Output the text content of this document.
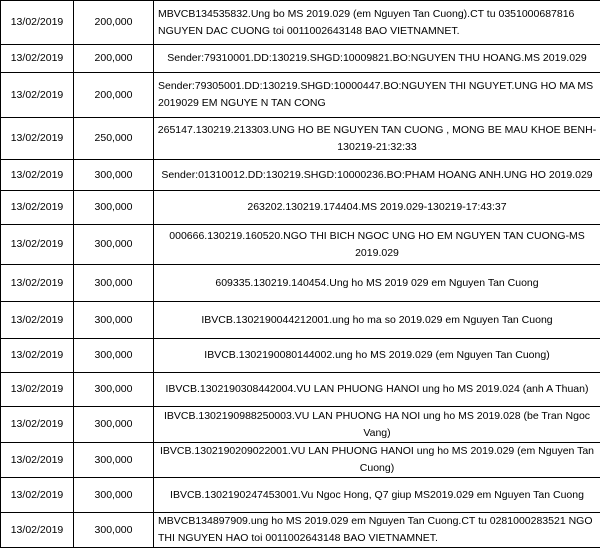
13/02/2019	200,000	MBVCB134535832.Ung bo MS 2019.029 (em Nguyen Tan Cuong).CT tu 0351000687816 NGUYEN DAC CUONG toi 0011002643148 BAO VIETNAMNET.
13/02/2019	200,000	Sender:79310001.DD:130219.SHGD:10009821.BO:NGUYEN THU HOANG.MS 2019.029
13/02/2019	200,000	Sender:79305001.DD:130219.SHGD:10000447.BO:NGUYEN THI NGUYET.UNG HO MA MS 2019029 EM NGUYE N TAN CONG
13/02/2019	250,000	265147.130219.213303.UNG HO BE NGUYEN TAN CUONG , MONG BE MAU KHOE BENH-130219-21:32:33
13/02/2019	300,000	Sender:01310012.DD:130219.SHGD:10000236.BO:PHAM HOANG ANH.UNG HO 2019.029
13/02/2019	300,000	263202.130219.174404.MS 2019.029-130219-17:43:37
13/02/2019	300,000	000666.130219.160520.NGO THI BICH NGOC UNG HO EM NGUYEN TAN CUONG-MS 2019.029
13/02/2019	300,000	609335.130219.140454.Ung ho MS 2019 029 em Nguyen Tan Cuong
13/02/2019	300,000	IBVCB.1302190044212001.ung ho ma so 2019.029 em Nguyen Tan Cuong
13/02/2019	300,000	IBVCB.1302190080144002.ung ho MS 2019.029 (em Nguyen Tan Cuong)
13/02/2019	300,000	IBVCB.1302190308442004.VU LAN PHUONG HANOI ung ho MS 2019.024 (anh A Thuan)
13/02/2019	300,000	IBVCB.1302190988250003.VU LAN PHUONG HA NOI ung ho MS 2019.028 (be Tran Ngoc Vang)
13/02/2019	300,000	IBVCB.1302190209022001.VU LAN PHUONG HANOI ung ho MS 2019.029 (em Nguyen Tan Cuong)
13/02/2019	300,000	IBVCB.1302190247453001.Vu Ngoc Hong, Q7 giup MS2019.029 em Nguyen Tan Cuong
13/02/2019	300,000	MBVCB134897909.ung ho MS 2019.029 em Nguyen Tan Cuong.CT tu 0281000283521 NGO THI NGUYEN HAO toi 0011002643148 BAO VIETNAMNET.
